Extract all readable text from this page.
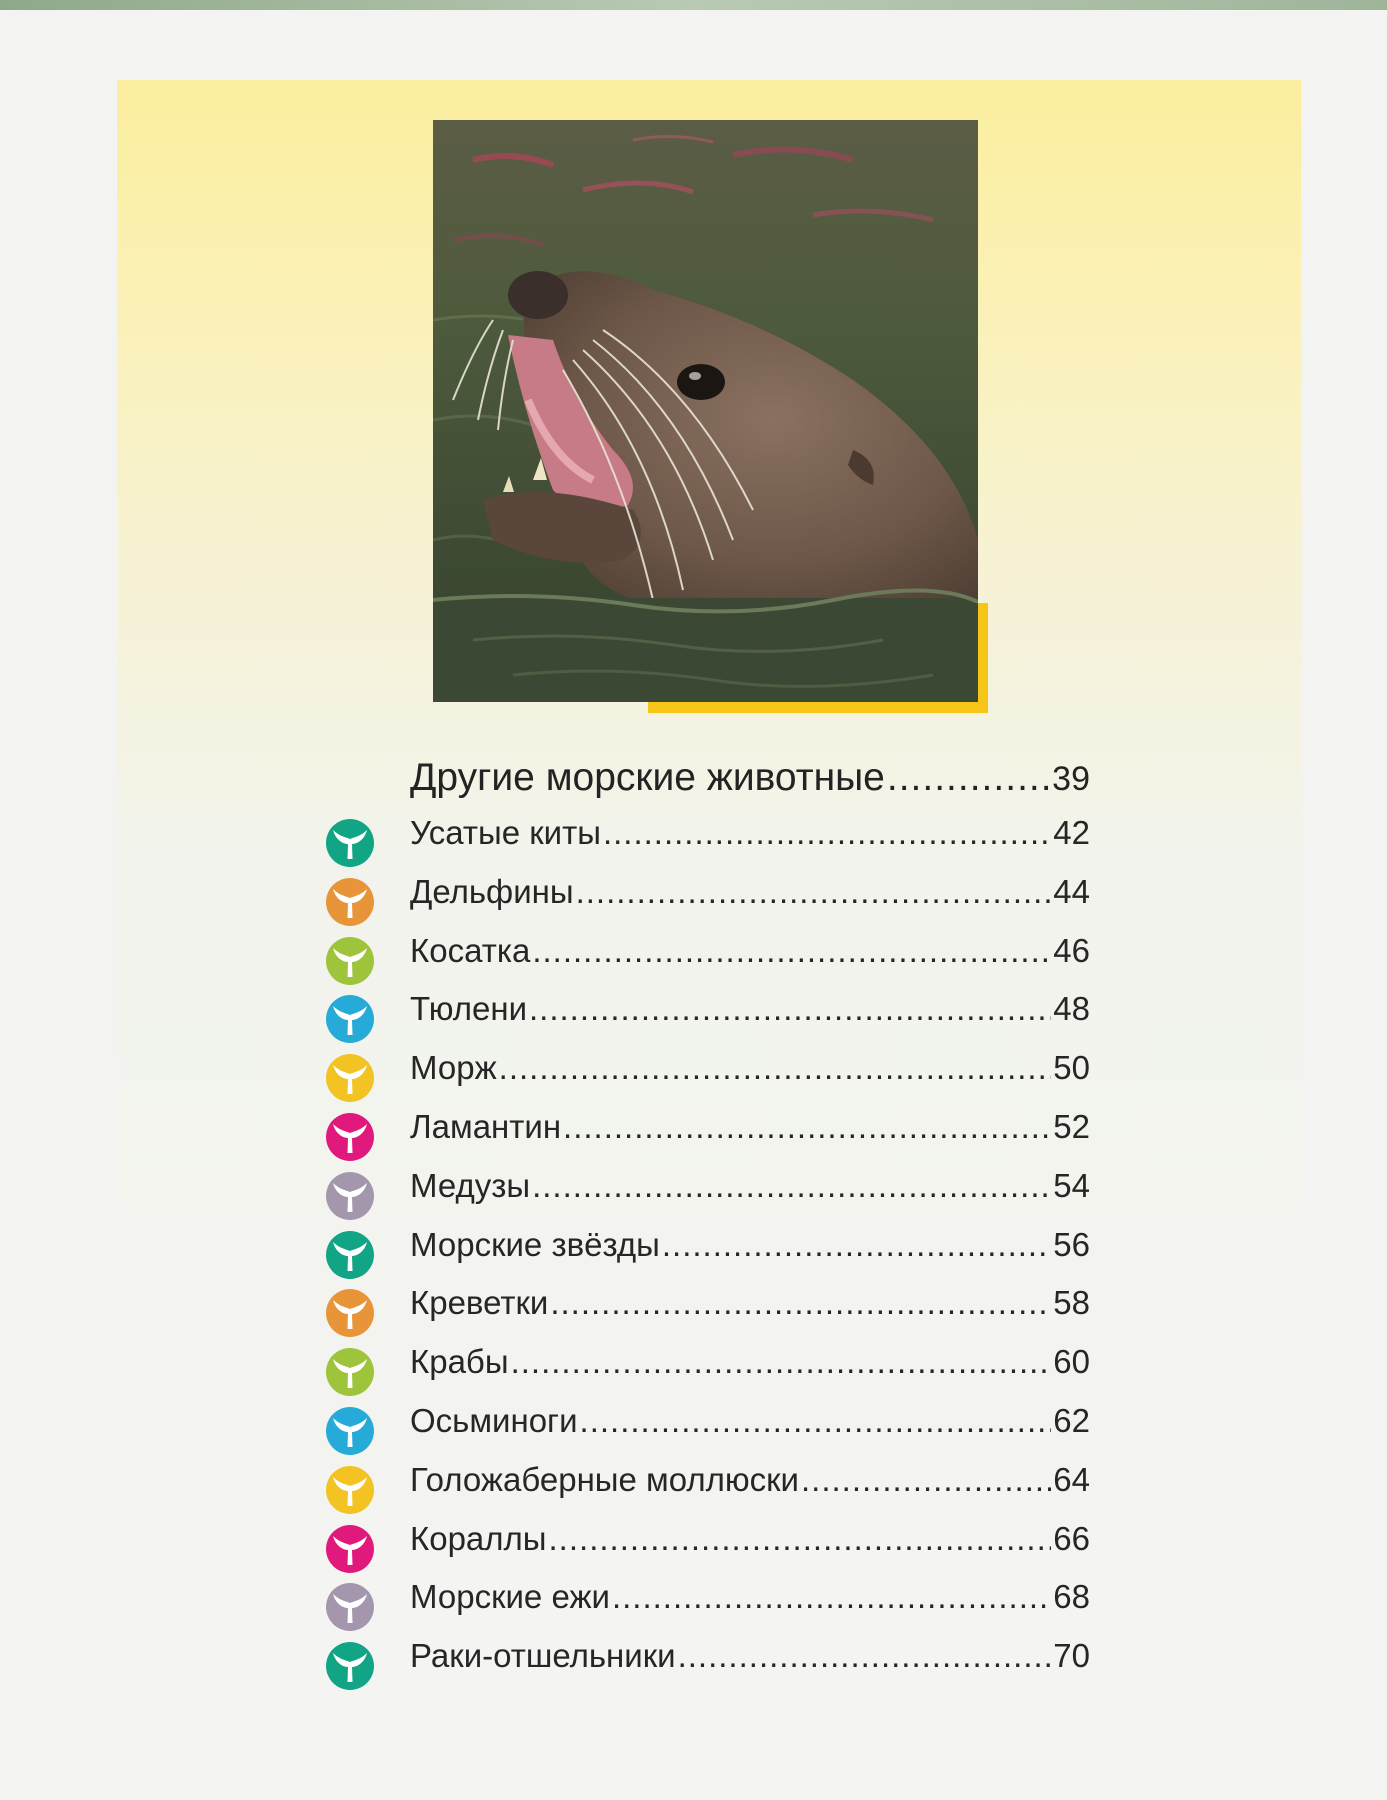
Другие морские животные .....	39
Усатые киты .....	42
Дельфины .....	44
Косатка .....	46
Тюлени .....	48
Морж .....	50
Ламантин .....	52
Медузы .....	54
Морские звёзды .....	56
Креветки .....	58
Крабы .....	60
Осьминоги .....	62
Голожаберные моллюски .....	64
Кораллы .....	66
Морские ежи .....	68
Раки-отшельники .....	70
